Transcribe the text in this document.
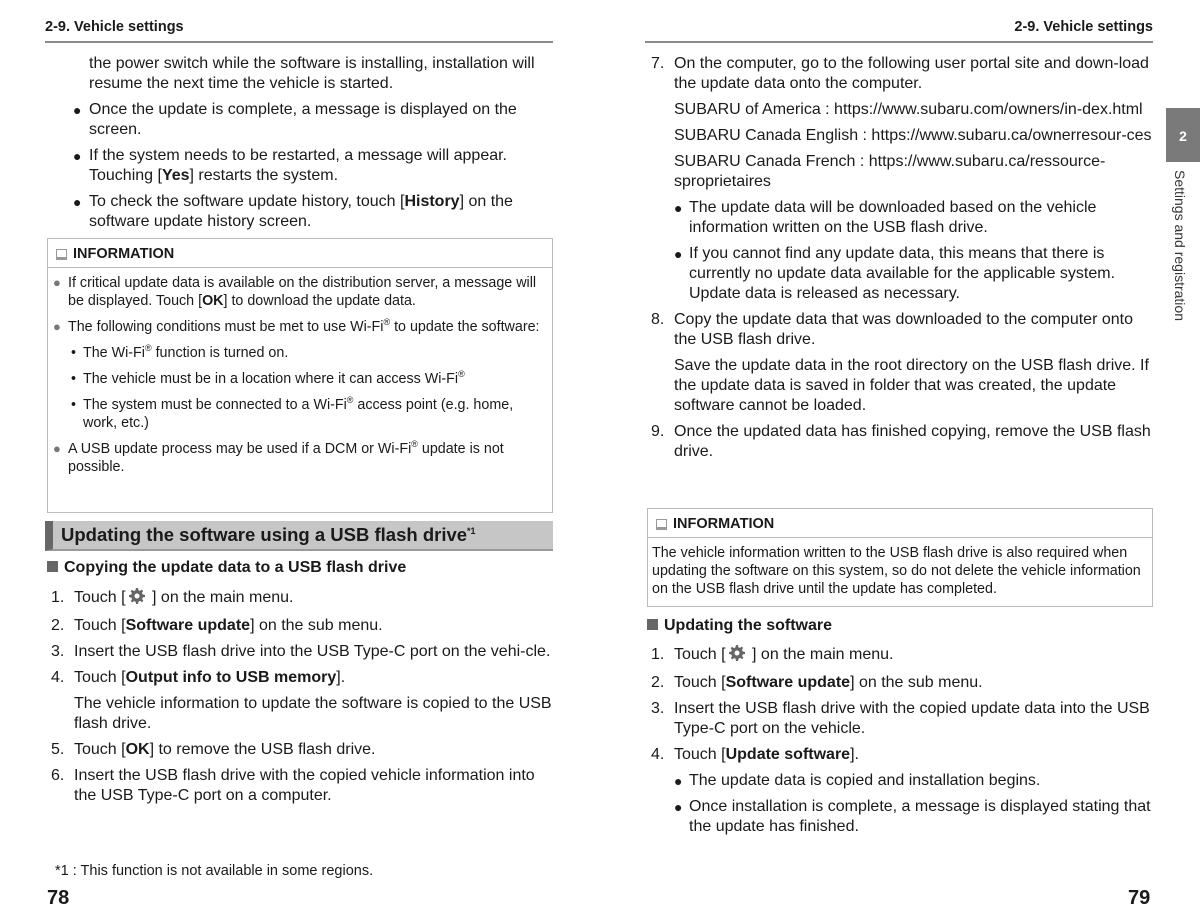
2-9. Vehicle settings	2-9. Vehicle settings
the power switch while the software is installing, installation will resume the next time the vehicle is started.
● Once the update is complete, a message is displayed on the screen.
● If the system needs to be restarted, a message will appear. Touching [Yes] restarts the system.
● To check the software update history, touch [History] on the software update history screen.
INFORMATION
● If critical update data is available on the distribution server, a message will be displayed. Touch [OK] to download the update data.
● The following conditions must be met to use Wi-Fi® to update the software:
• The Wi-Fi® function is turned on.
• The vehicle must be in a location where it can access Wi-Fi®
• The system must be connected to a Wi-Fi® access point (e.g. home, work, etc.)
● A USB update process may be used if a DCM or Wi-Fi® update is not possible.
Updating the software using a USB flash drive$^{*1}$
Copying the update data to a USB flash drive
1. Touch [ ] on the main menu.
2. Touch [Software update] on the sub menu.
3. Insert the USB flash drive into the USB Type-C port on the vehi-cle.
4. Touch [Output info to USB memory].
The vehicle information to update the software is copied to the USB flash drive.
5. Touch [OK] to remove the USB flash drive.
6. Insert the USB flash drive with the copied vehicle information into the USB Type-C port on a computer.
*1 : This function is not available in some regions.
78
7. On the computer, go to the following user portal site and down-load the update data onto the computer.
SUBARU of America : https://www.subaru.com/owners/in-dex.html
SUBARU Canada English : https://www.subaru.ca/ownerresour-ces
SUBARU Canada French : https://www.subaru.ca/ressource-sproprietaires
● The update data will be downloaded based on the vehicle information written on the USB flash drive.
● If you cannot find any update data, this means that there is currently no update data available for the applicable system. Update data is released as necessary.
8. Copy the update data that was downloaded to the computer onto the USB flash drive.
Save the update data in the root directory on the USB flash drive. If the update data is saved in folder that was created, the update software cannot be loaded.
9. Once the updated data has finished copying, remove the USB flash drive.
INFORMATION
The vehicle information written to the USB flash drive is also required when updating the software on this system, so do not delete the vehicle information on the USB flash drive until the update has completed.
Updating the software
1. Touch [ ] on the main menu.
2. Touch [Software update] on the sub menu.
3. Insert the USB flash drive with the copied update data into the USB Type-C port on the vehicle.
4. Touch [Update software].
● The update data is copied and installation begins.
● Once installation is complete, a message is displayed stating that the update has finished.
2
Settings and registration
79
